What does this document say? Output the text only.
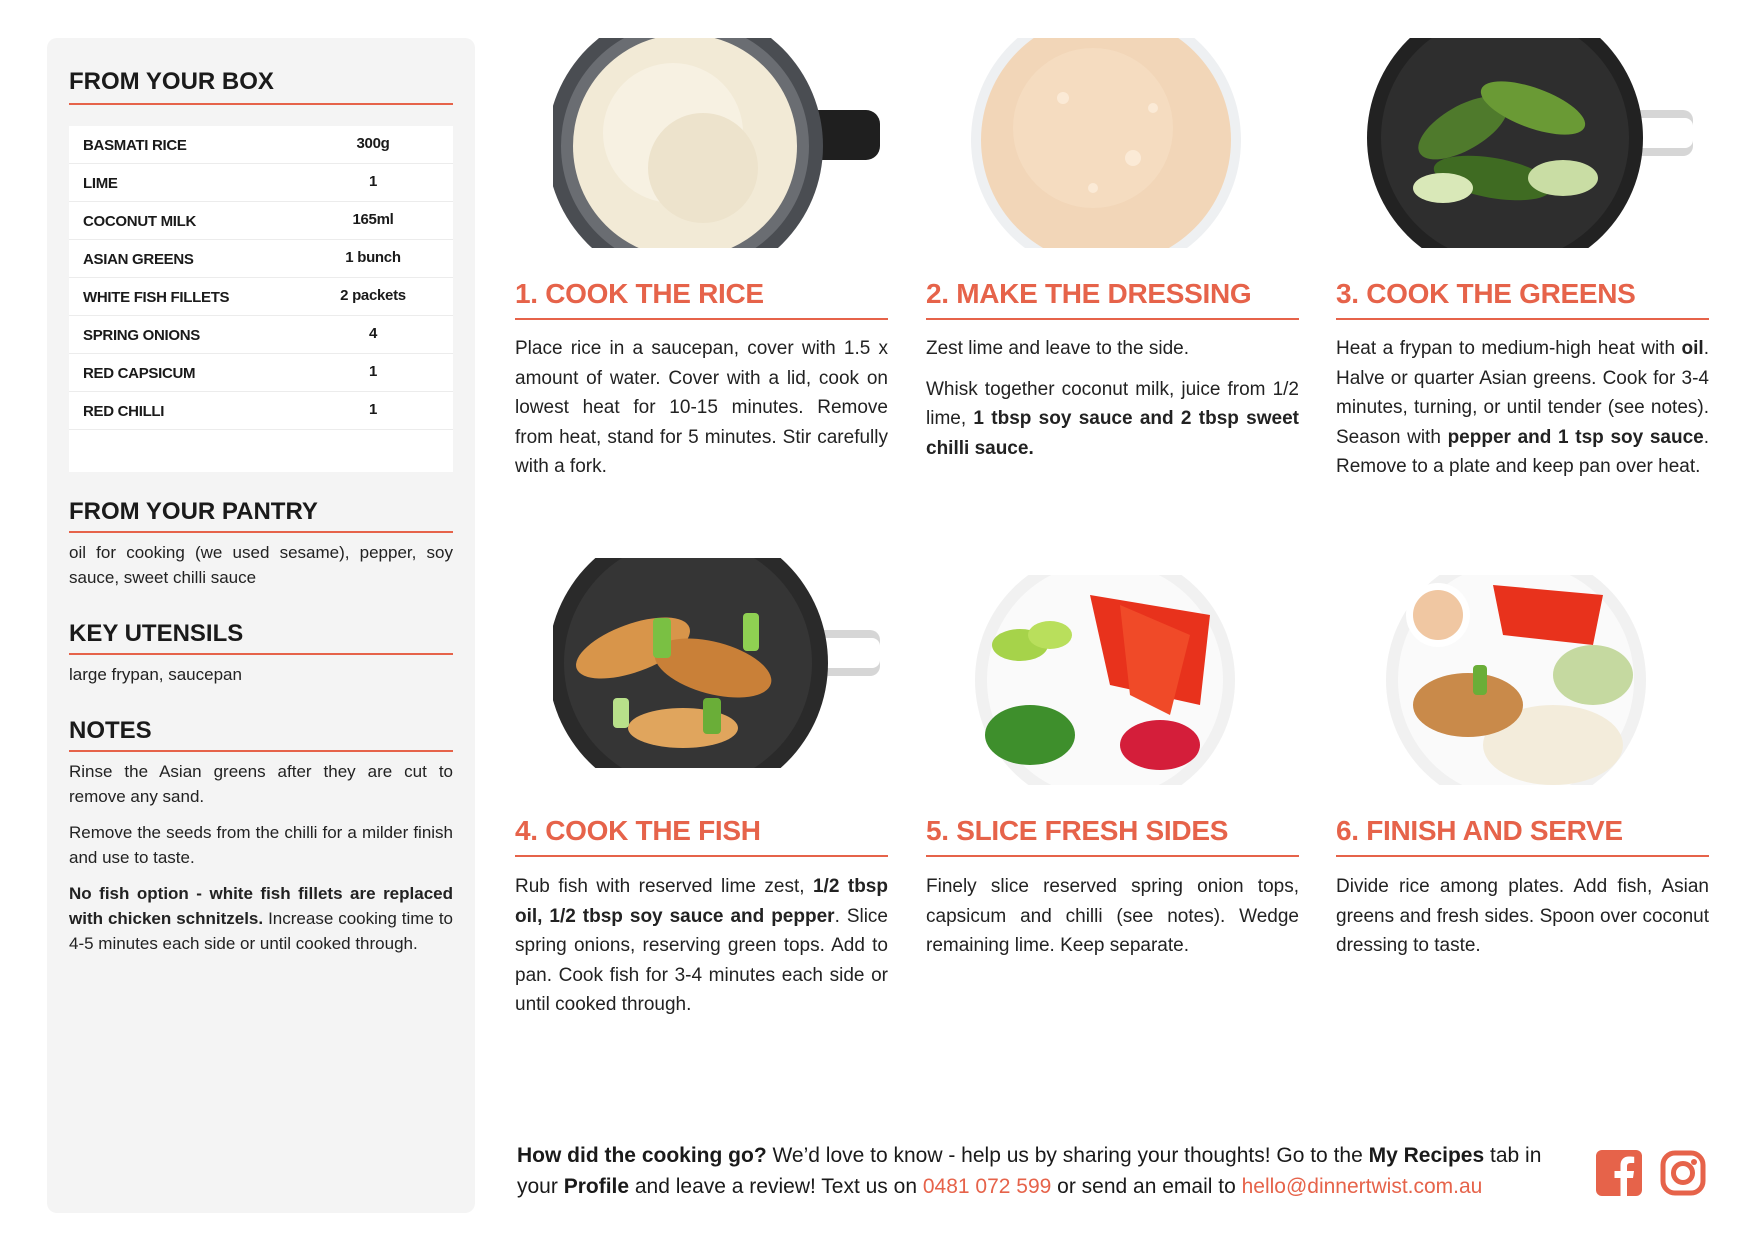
FROM YOUR BOX
BASMATI RICE	300g
LIME	1
COCONUT MILK	165ml
ASIAN GREENS	1 bunch
WHITE FISH FILLETS	2 packets
SPRING ONIONS	4
RED CAPSICUM	1
RED CHILLI	1
FROM YOUR PANTRY
oil for cooking (we used sesame), pepper, soy sauce, sweet chilli sauce
KEY UTENSILS
large frypan, saucepan
NOTES

Rinse the Asian greens after they are cut to remove any sand.

Remove the seeds from the chilli for a milder finish and use to taste.

No fish option - white fish fillets are replaced with chicken schnitzels. Increase cooking time to 4-5 minutes each side or until cooked through.

1. COOK THE RICE

Place rice in a saucepan, cover with 1.5 x amount of water. Cover with a lid, cook on lowest heat for 10-15 minutes. Remove from heat, stand for 5 minutes. Stir carefully with a fork.

2. MAKE THE DRESSING

Zest lime and leave to the side.

Whisk together coconut milk, juice from 1/2 lime, 1 tbsp soy sauce and 2 tbsp sweet chilli sauce.

3. COOK THE GREENS

Heat a frypan to medium-high heat with oil. Halve or quarter Asian greens. Cook for 3-4 minutes, turning, or until tender (see notes). Season with pepper and 1 tsp soy sauce. Remove to a plate and keep pan over heat.

4. COOK THE FISH

Rub fish with reserved lime zest, 1/2 tbsp oil, 1/2 tbsp soy sauce and pepper. Slice spring onions, reserving green tops. Add to pan. Cook fish for 3-4 minutes each side or until cooked through.

5. SLICE FRESH SIDES

Finely slice reserved spring onion tops, capsicum and chilli (see notes). Wedge remaining lime. Keep separate.

6. FINISH AND SERVE

Divide rice among plates. Add fish, Asian greens and fresh sides. Spoon over coconut dressing to taste.

How did the cooking go? We’d love to know - help us by sharing your thoughts! Go to the My Recipes tab in your Profile and leave a review! Text us on 0481 072 599 or send an email to hello@dinnertwist.com.au
